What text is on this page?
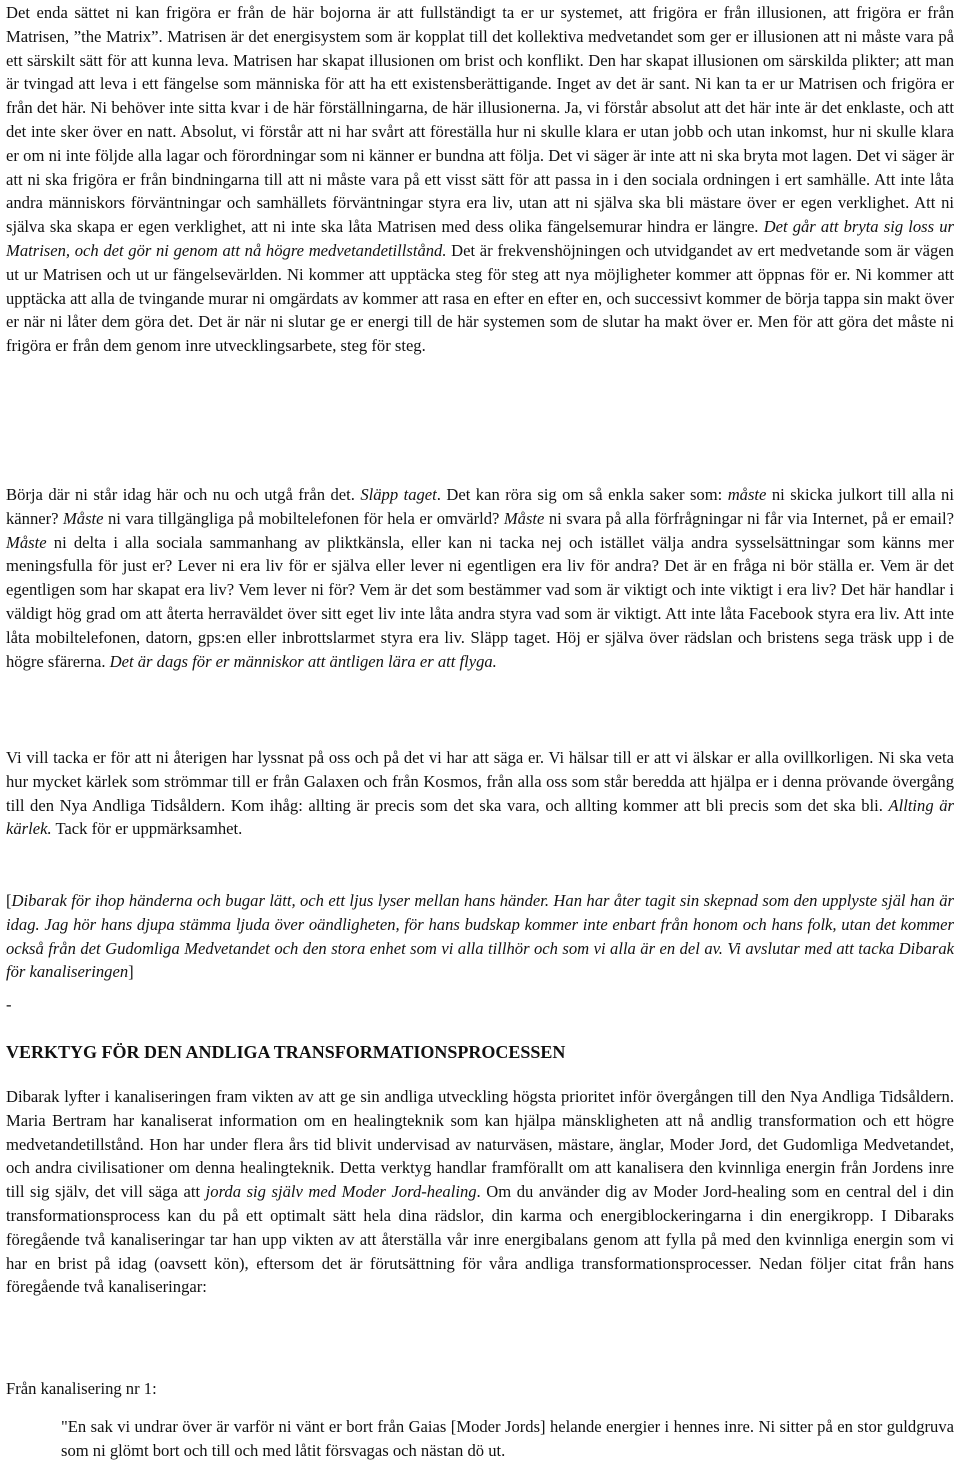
Det enda sättet ni kan frigöra er från de här bojorna är att fullständigt ta er ur systemet, att frigöra er från illusionen, att frigöra er från Matrisen, ”the Matrix”. Matrisen är det energisystem som är kopplat till det kollektiva medvetandet som ger er illusionen att ni måste vara på ett särskilt sätt för att kunna leva. Matrisen har skapat illusionen om brist och konflikt. Den har skapat illusionen om särskilda plikter; att man är tvingad att leva i ett fängelse som människa för att ha ett existensberättigande. Inget av det är sant. Ni kan ta er ur Matrisen och frigöra er från det här. Ni behöver inte sitta kvar i de här förställningarna, de här illusionerna. Ja, vi förstår absolut att det här inte är det enklaste, och att det inte sker över en natt. Absolut, vi förstår att ni har svårt att föreställa hur ni skulle klara er utan jobb och utan inkomst, hur ni skulle klara er om ni inte följde alla lagar och förordningar som ni känner er bundna att följa. Det vi säger är inte att ni ska bryta mot lagen. Det vi säger är att ni ska frigöra er från bindningarna till att ni måste vara på ett visst sätt för att passa in i den sociala ordningen i ert samhälle. Att inte låta andra människors förväntningar och samhällets förväntningar styra era liv, utan att ni själva ska bli mästare över er egen verklighet. Att ni själva ska skapa er egen verklighet, att ni inte ska låta Matrisen med dess olika fängelsemurar hindra er längre. Det går att bryta sig loss ur Matrisen, och det gör ni genom att nå högre medvetandetillstånd. Det är frekvenshöjningen och utvidgandet av ert medvetande som är vägen ut ur Matrisen och ut ur fängelsevärlden. Ni kommer att upptäcka steg för steg att nya möjligheter kommer att öppnas för er. Ni kommer att upptäcka att alla de tvingande murar ni omgärdats av kommer att rasa en efter en efter en, och successivt kommer de börja tappa sin makt över er när ni låter dem göra det. Det är när ni slutar ge er energi till de här systemen som de slutar ha makt över er. Men för att göra det måste ni frigöra er från dem genom inre utvecklingsarbete, steg för steg.

Börja där ni står idag här och nu och utgå från det. Släpp taget. Det kan röra sig om så enkla saker som: måste ni skicka julkort till alla ni känner? Måste ni vara tillgängliga på mobiltelefonen för hela er omvärld? Måste ni svara på alla förfrågningar ni får via Internet, på er email? Måste ni delta i alla sociala sammanhang av pliktkänsla, eller kan ni tacka nej och istället välja andra sysselsättningar som känns mer meningsfulla för just er? Lever ni era liv för er själva eller lever ni egentligen era liv för andra? Det är en fråga ni bör ställa er. Vem är det egentligen som har skapat era liv? Vem lever ni för? Vem är det som bestämmer vad som är viktigt och inte viktigt i era liv? Det här handlar i väldigt hög grad om att återta herraväldet över sitt eget liv inte låta andra styra vad som är viktigt. Att inte låta Facebook styra era liv. Att inte låta mobiltelefonen, datorn, gps:en eller inbrottslarmet styra era liv. Släpp taget. Höj er själva över rädslan och bristens sega träsk upp i de högre sfärerna. Det är dags för er människor att äntligen lära er att flyga.

Vi vill tacka er för att ni återigen har lyssnat på oss och på det vi har att säga er. Vi hälsar till er att vi älskar er alla ovillkorligen. Ni ska veta hur mycket kärlek som strömmar till er från Galaxen och från Kosmos, från alla oss som står beredda att hjälpa er i denna prövande övergång till den Nya Andliga Tidsåldern. Kom ihåg: allting är precis som det ska vara, och allting kommer att bli precis som det ska bli. Allting är kärlek. Tack för er uppmärksamhet.

[Dibarak för ihop händerna och bugar lätt, och ett ljus lyser mellan hans händer. Han har åter tagit sin skepnad som den upplyste själ han är idag. Jag hör hans djupa stämma ljuda över oändligheten, för hans budskap kommer inte enbart från honom och hans folk, utan det kommer också från det Gudomliga Medvetandet och den stora enhet som vi alla tillhör och som vi alla är en del av. Vi avslutar med att tacka Dibarak för kanaliseringen]

-

VERKTYG FÖR DEN ANDLIGA TRANSFORMATIONSPROCESSEN

Dibarak lyfter i kanaliseringen fram vikten av att ge sin andliga utveckling högsta prioritet inför övergången till den Nya Andliga Tidsåldern. Maria Bertram har kanaliserat information om en healingteknik som kan hjälpa mänskligheten att nå andlig transformation och ett högre medvetandetillstånd. Hon har under flera års tid blivit undervisad av naturväsen, mästare, änglar, Moder Jord, det Gudomliga Medvetandet, och andra civilisationer om denna healingteknik. Detta verktyg handlar framförallt om att kanalisera den kvinnliga energin från Jordens inre till sig själv, det vill säga att jorda sig själv med Moder Jord-healing. Om du använder dig av Moder Jord-healing som en central del i din transformationsprocess kan du på ett optimalt sätt hela dina rädslor, din karma och energiblockeringarna i din energikropp. I Dibaraks föregående två kanaliseringar tar han upp vikten av att återställa vår inre energibalans genom att fylla på med den kvinnliga energin som vi har en brist på idag (oavsett kön), eftersom det är förutsättning för våra andliga transformationsprocesser. Nedan följer citat från hans föregående två kanaliseringar:

Från kanalisering nr 1:

"En sak vi undrar över är varför ni vänt er bort från Gaias [Moder Jords] helande energier i hennes inre. Ni sitter på en stor guldgruva som ni glömt bort och till och med låtit försvagas och nästan dö ut.
